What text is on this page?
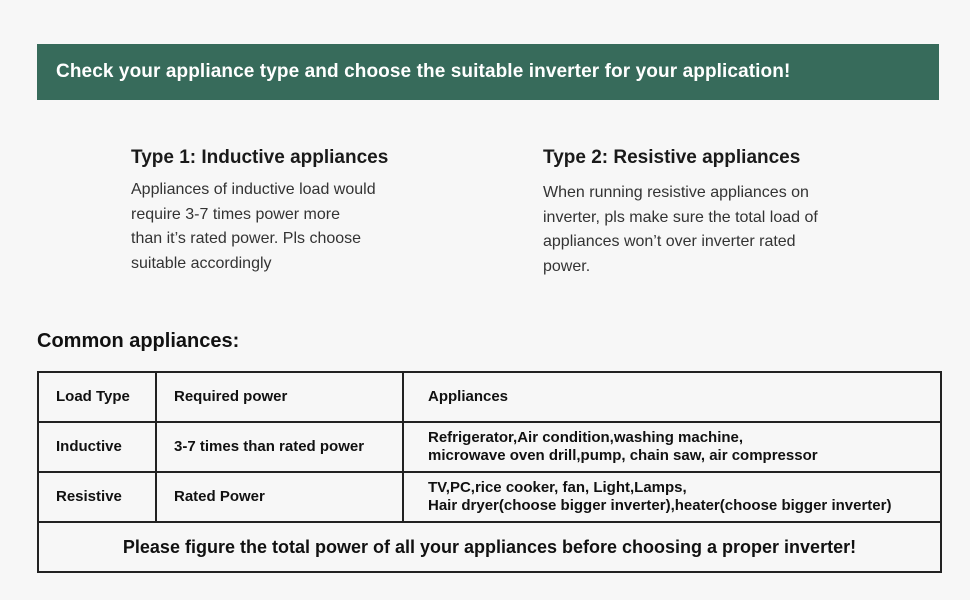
Check your appliance type and choose the suitable inverter for your application!
Type 1: Inductive appliances
Appliances of inductive load would
require 3-7 times power more
than it’s rated power. Pls choose
suitable accordingly
Type 2: Resistive appliances
When running resistive appliances on
inverter, pls make sure the total load of
appliances won’t over inverter rated
power.
Common appliances:
Load Type	Required power	Appliances
Inductive	3-7 times than rated power	Refrigerator,Air condition,washing machine,
microwave oven drill,pump, chain saw, air compressor

Resistive	Rated Power	TV,PC,rice cooker, fan, Light,Lamps,
Hair dryer(choose bigger inverter),heater(choose bigger inverter)

Please figure the total power of all your appliances before choosing a proper inverter!		
